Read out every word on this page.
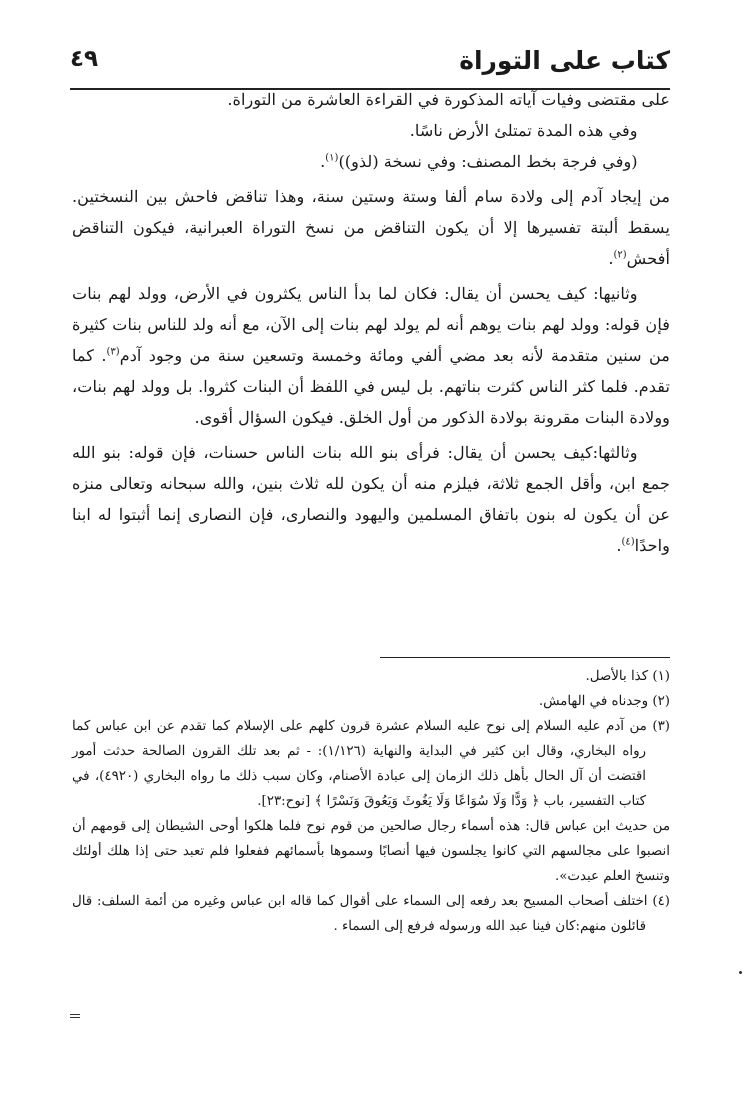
كتاب على التوراة
٤٩

على مقتضى وفيات آياته المذكورة في القراءة العاشرة من التوراة.

وفي هذه المدة تمتلئ الأرض ناسًا.

(وفي فرجة بخط المصنف: وفي نسخة (لذو))$^{(١)}$.

من إيجاد آدم إلى ولادة سام ألفا وستة وستين سنة، وهذا تناقض فاحش بين النسختين. يسقط ألبتة تفسيرها إلا أن يكون التناقض من نسخ التوراة العبرانية، فيكون التناقض أفحش$^{(٢)}$.

وثانيها: كيف يحسن أن يقال: فكان لما بدأ الناس يكثرون في الأرض، وولد لهم بنات فإن قوله: وولد لهم بنات يوهم أنه لم يولد لهم بنات إلى الآن، مع أنه ولد للناس بنات كثيرة من سنين متقدمة لأنه بعد مضي ألفي ومائة وخمسة وتسعين سنة من وجود آدم$^{(٣)}$. كما تقدم. فلما كثر الناس كثرت بناتهم. بل ليس في اللفظ أن البنات كثروا. بل وولد لهم بنات، وولادة البنات مقرونة بولادة الذكور من أول الخلق. فيكون السؤال أقوى.

وثالثها:كيف يحسن أن يقال: فرأى بنو الله بنات الناس حسنات، فإن قوله: بنو الله جمع ابن، وأقل الجمع ثلاثة، فيلزم منه أن يكون لله ثلاث بنين، والله سبحانه وتعالى منزه عن أن يكون له بنون باتفاق المسلمين واليهود والنصارى، فإن النصارى إنما أثبتوا له ابنا واحدًا$^{(٤)}$.

(١) كذا بالأصل.

(٢) وجدناه في الهامش.

(٣) من آدم عليه السلام إلى نوح عليه السلام عشرة قرون كلهم على الإسلام كما تقدم عن ابن عباس كما رواه البخاري، وقال ابن كثير في البداية والنهاية (١/١٢٦): - ثم بعد تلك القرون الصالحة حدثت أمور اقتضت أن آل الحال بأهل ذلك الزمان إلى عبادة الأصنام، وكان سبب ذلك ما رواه البخاري (٤٩٢٠)، في كتاب التفسير، باب ﴿ وَدًّا وَلَا سُوَاعًا وَلَا يَغُوثَ وَيَعُوقَ وَنَسْرًا ﴾ [نوح:٢٣].

من حديث ابن عباس قال: هذه أسماء رجال صالحين من قوم نوح فلما هلكوا أوحى الشيطان إلى قومهم أن انصبوا على مجالسهم التي كانوا يجلسون فيها أنصابًا وسموها بأسمائهم ففعلوا فلم تعبد حتى إذا هلك أولئك وتنسخ العلم عبدت».

(٤) اختلف أصحاب المسيح بعد رفعه إلى السماء على أقوال كما قاله ابن عباس وغيره من أئمة السلف: قال قائلون منهم:كان فينا عبد الله ورسوله فرفع إلى السماء .
